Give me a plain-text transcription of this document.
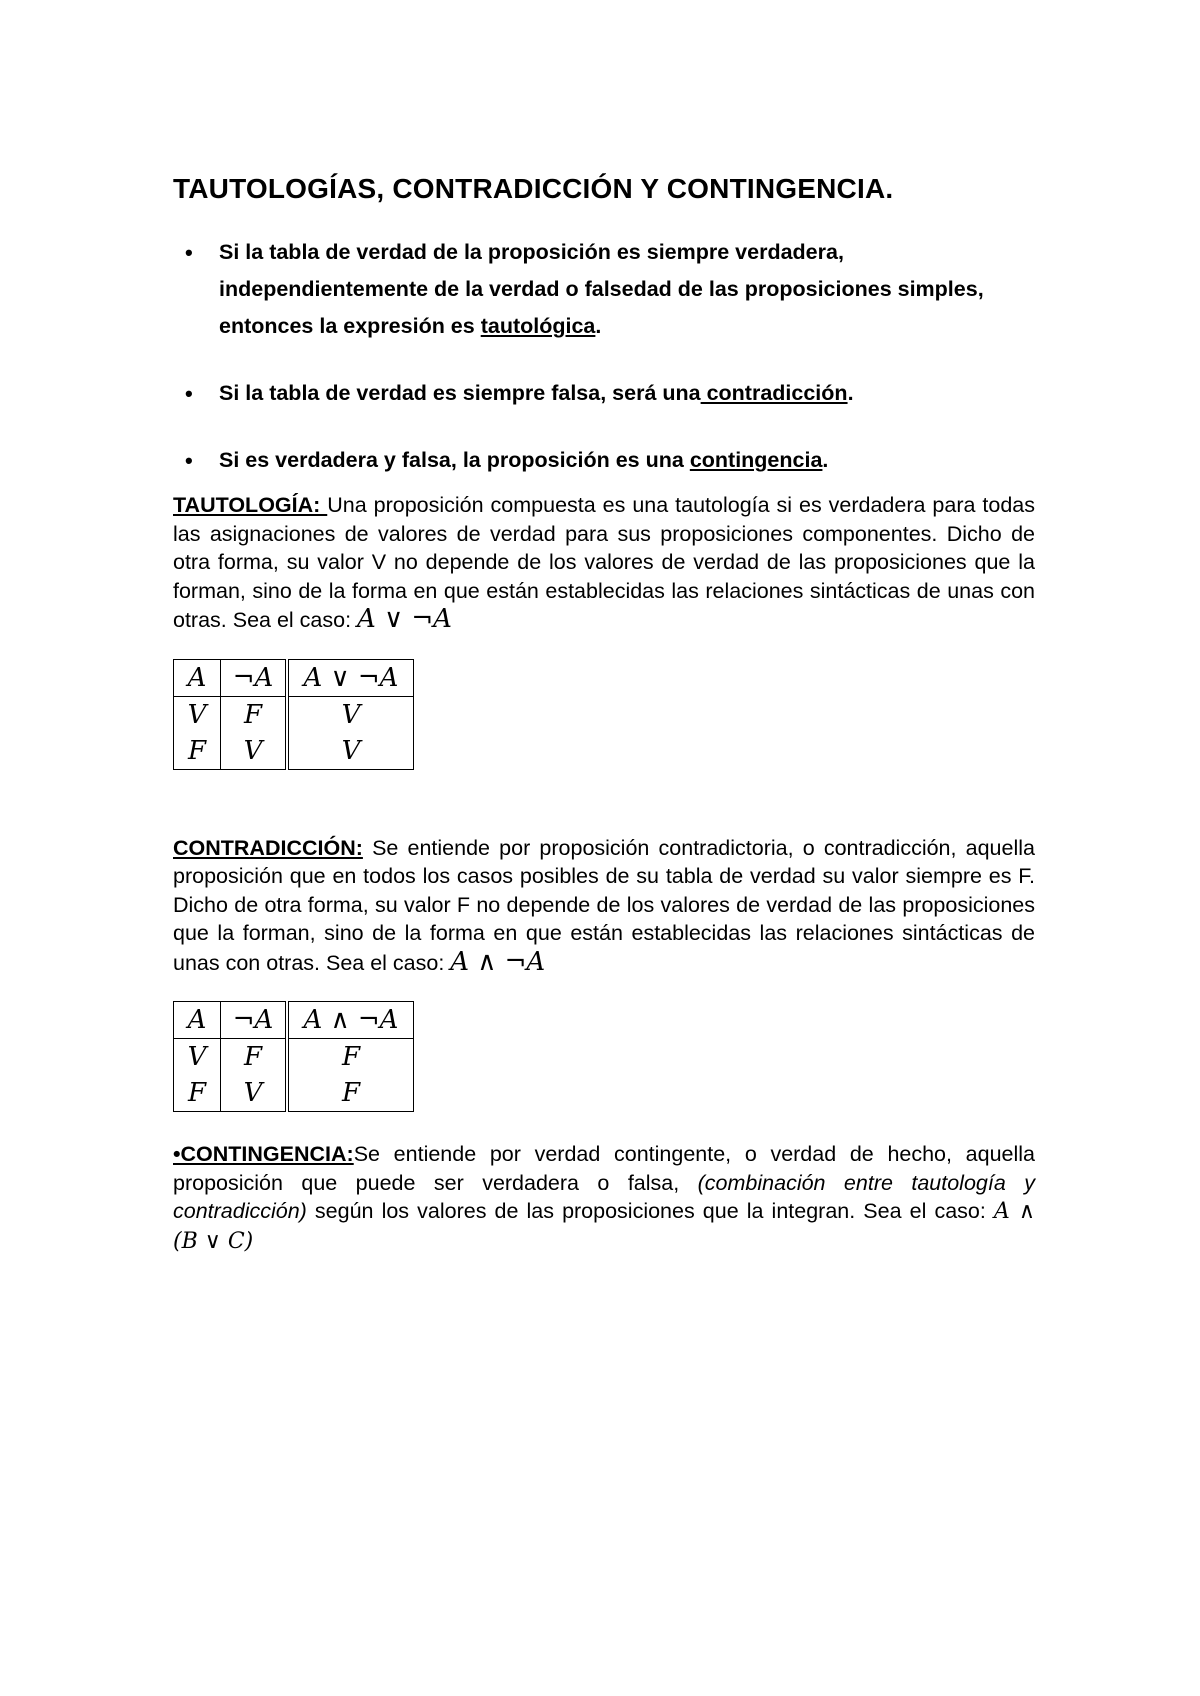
TAUTOLOGÍAS, CONTRADICCIÓN Y CONTINGENCIA.
• Si la tabla de verdad de la proposición es siempre verdadera, independientemente de la verdad o falsedad de las proposiciones simples, entonces la expresión es tautológica.
• Si la tabla de verdad es siempre falsa, será una contradicción.
• Si es verdadera y falsa, la proposición es una contingencia.

TAUTOLOGÍA: Una proposición compuesta es una tautología si es verdadera para todas las asignaciones de valores de verdad para sus proposiciones componentes. Dicho de otra forma, su valor V no depende de los valores de verdad de las proposiciones que la forman, sino de la forma en que están establecidas las relaciones sintácticas de unas con otras. Sea el caso: A ∨ ¬A

A	¬A	A ∨ ¬A
V	F	V
F	V	V

CONTRADICCIÓN: Se entiende por proposición contradictoria, o contradicción, aquella proposición que en todos los casos posibles de su tabla de verdad su valor siempre es F. Dicho de otra forma, su valor F no depende de los valores de verdad de las proposiciones que la forman, sino de la forma en que están establecidas las relaciones sintácticas de unas con otras. Sea el caso: A ∧ ¬A

A	¬A	A ∧ ¬A
V	F	F
F	V	F

•CONTINGENCIA:Se entiende por verdad contingente, o verdad de hecho, aquella proposición que puede ser verdadera o falsa, (combinación entre tautología y contradicción) según los valores de las proposiciones que la integran. Sea el caso: A ∧ (B ∨ C)
